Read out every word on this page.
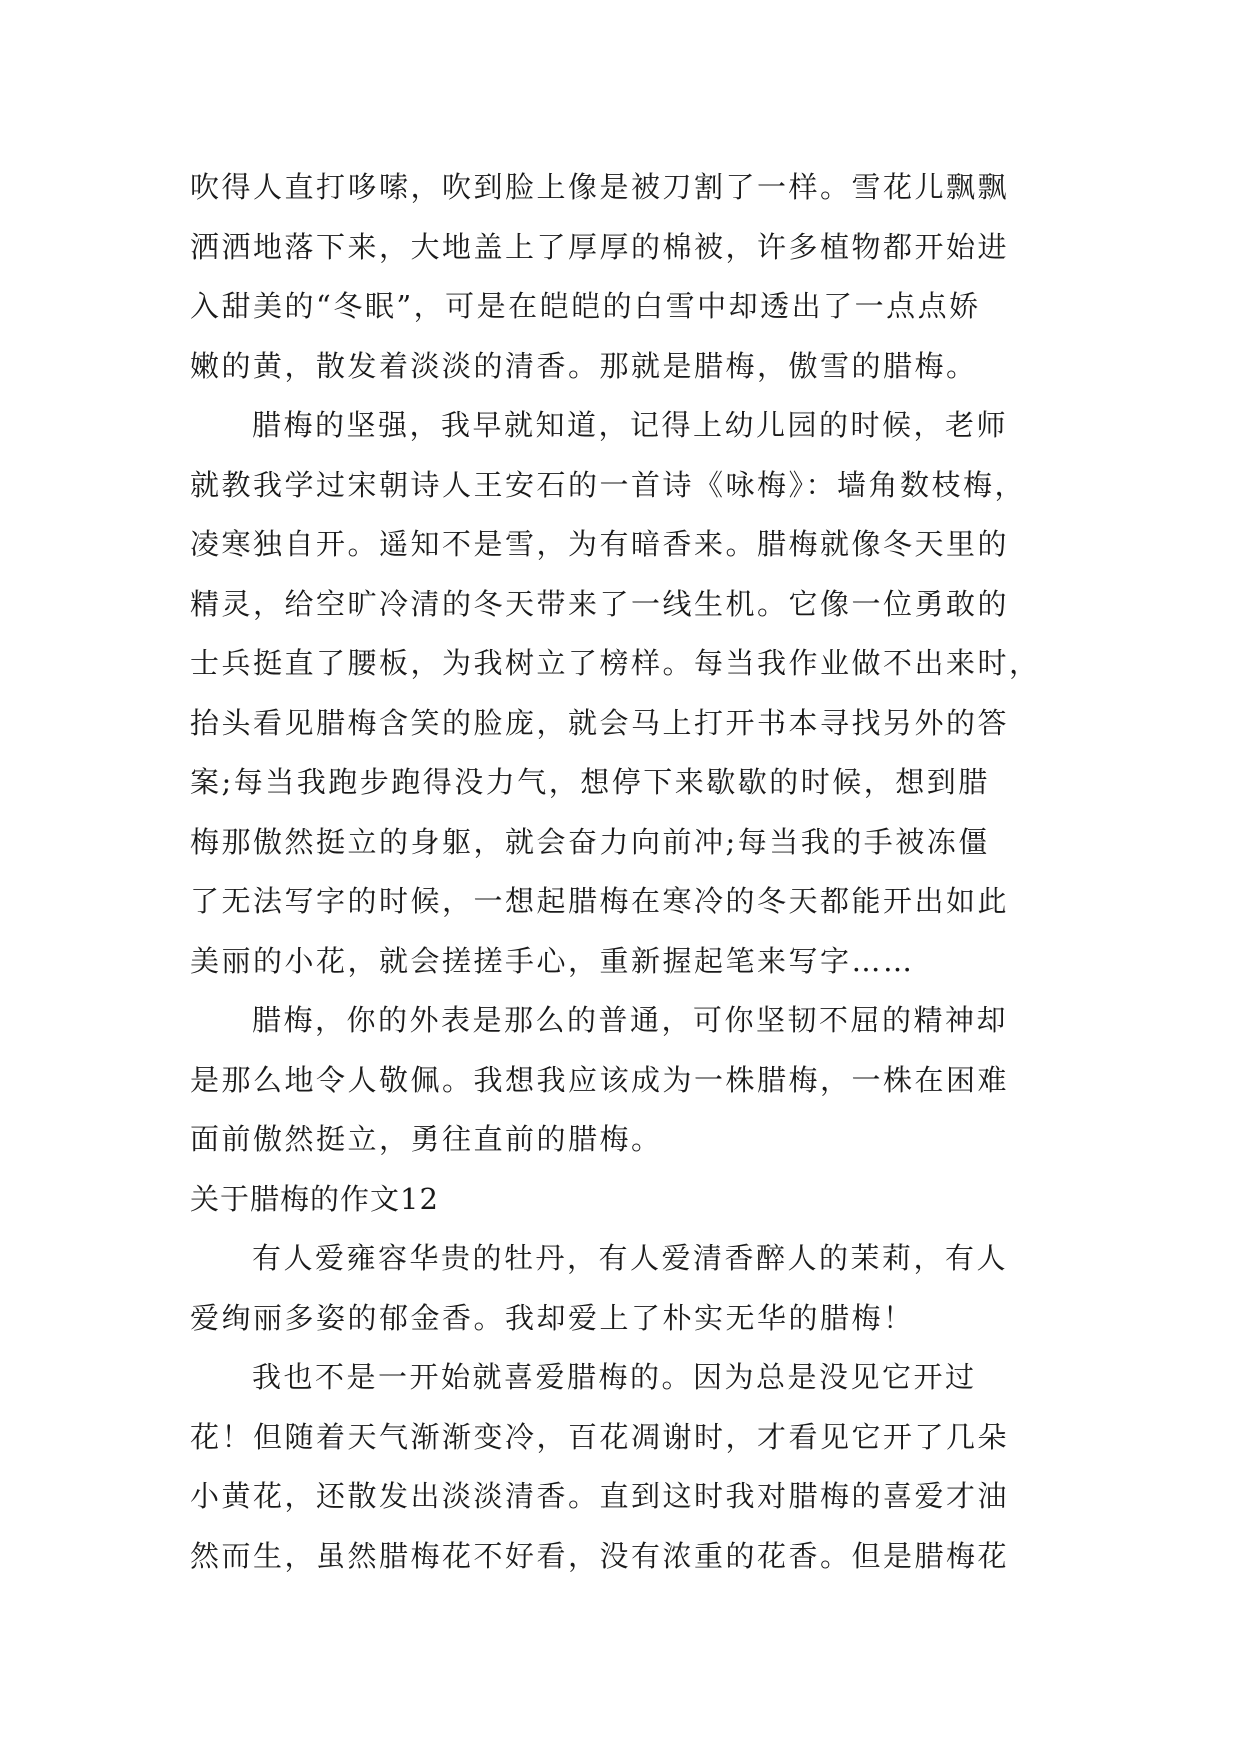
吹得人直打哆嗦，吹到脸上像是被刀割了一样。雪花儿飘飘
洒洒地落下来，大地盖上了厚厚的棉被，许多植物都开始进
入甜美的“冬眠”，可是在皑皑的白雪中却透出了一点点娇
嫩的黄，散发着淡淡的清香。那就是腊梅，傲雪的腊梅。
腊梅的坚强，我早就知道，记得上幼儿园的时候，老师
就教我学过宋朝诗人王安石的一首诗《咏梅》：墙角数枝梅，
凌寒独自开。遥知不是雪，为有暗香来。腊梅就像冬天里的
精灵，给空旷冷清的冬天带来了一线生机。它像一位勇敢的
士兵挺直了腰板，为我树立了榜样。每当我作业做不出来时，
抬头看见腊梅含笑的脸庞，就会马上打开书本寻找另外的答
案;每当我跑步跑得没力气，想停下来歇歇的时候，想到腊
梅那傲然挺立的身躯，就会奋力向前冲;每当我的手被冻僵
了无法写字的时候，一想起腊梅在寒冷的冬天都能开出如此
美丽的小花，就会搓搓手心，重新握起笔来写字……
腊梅，你的外表是那么的普通，可你坚韧不屈的精神却
是那么地令人敬佩。我想我应该成为一株腊梅，一株在困难
面前傲然挺立，勇往直前的腊梅。
关于腊梅的作文12
有人爱雍容华贵的牡丹，有人爱清香醉人的茉莉，有人
爱绚丽多姿的郁金香。我却爱上了朴实无华的腊梅！
我也不是一开始就喜爱腊梅的。因为总是没见它开过
花！但随着天气渐渐变冷，百花凋谢时，才看见它开了几朵
小黄花，还散发出淡淡清香。直到这时我对腊梅的喜爱才油
然而生，虽然腊梅花不好看，没有浓重的花香。但是腊梅花
